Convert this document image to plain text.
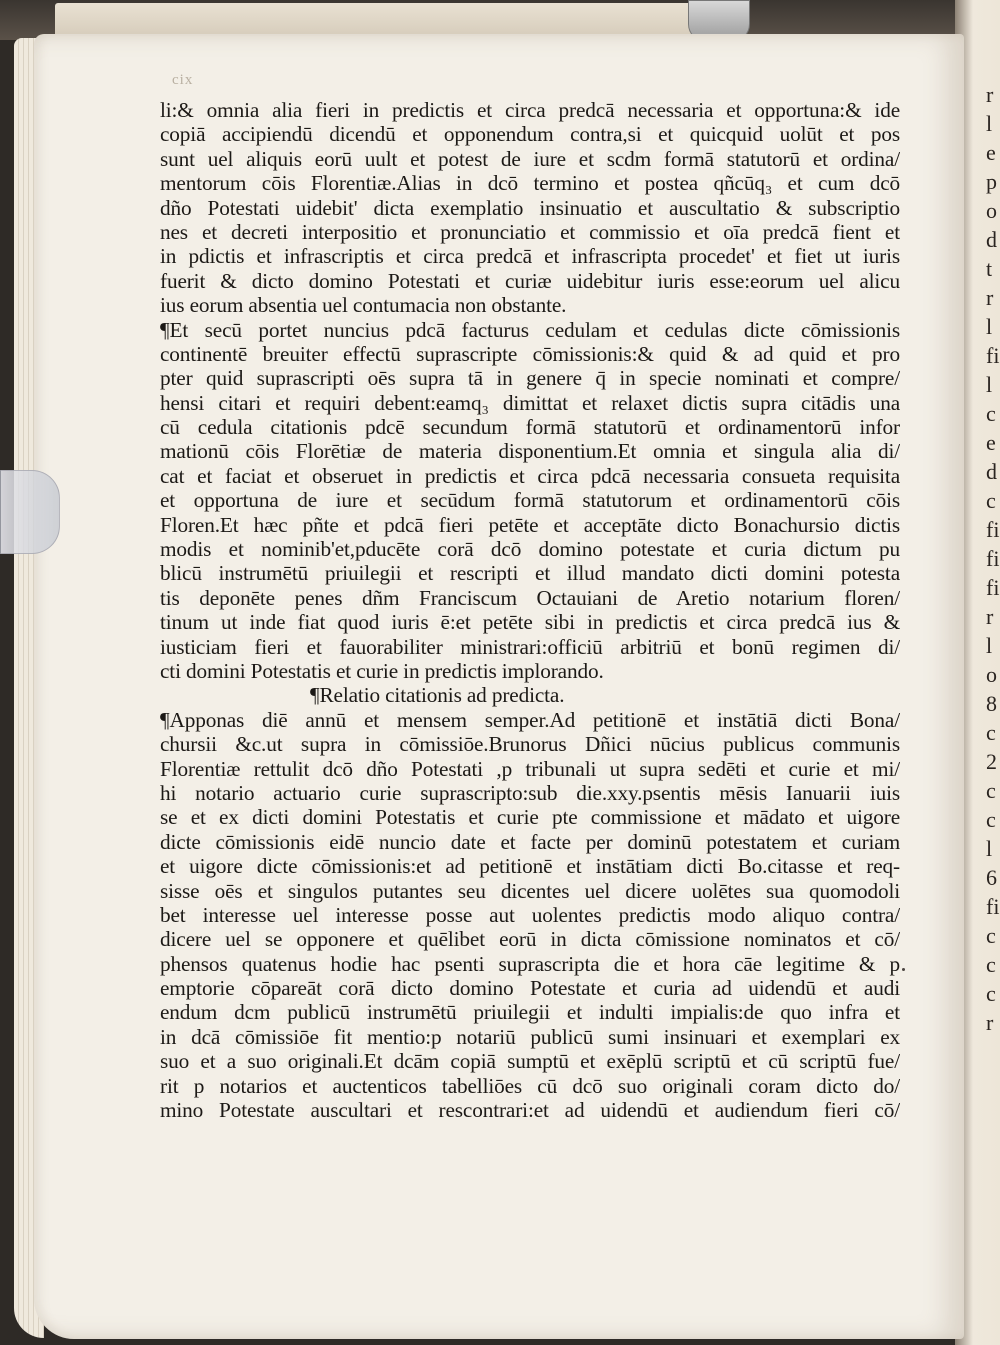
r
l
e
p
o
d
t
r
l
fi
l
c
e
d
c
fi
fi
fi
r
l
o
8
c
2
c
c
l
6
fi
c
c
c
r
cix
li:& omnia alia fieri in predictis et circa predcā necessaria et opportuna:& ide
copiā accipiendū dicendū et opponendum contra,si et quicquid uolūt et pos
sunt uel aliquis eorū uult et potest de iure et scdm formā statutorū et ordina/
mentorum cōis Florentiæ.Alias in dcō termino et postea qñcūq₃ et cum dcō
dño Potestati uidebit' dicta exemplatio insinuatio et auscultatio & subscriptio
nes et decreti interpositio et pronunciatio et commissio et oīa predcā fient et
in pdictis et infrascriptis et circa predcā et infrascripta procedet' et fiet ut iuris
fuerit & dicto domino Potestati et curiæ uidebitur iuris esse:eorum uel alicu
ius eorum absentia uel contumacia non obstante.
¶Et secū portet nuncius pdcā facturus cedulam et cedulas dicte cōmissionis
continentē breuiter effectū suprascripte cōmissionis:& quid & ad quid et pro
pter quid suprascripti oēs supra tā in genere q̄ in specie nominati et compre/
hensi citari et requiri debent:eamq₃ dimittat et relaxet dictis supra citādis una
cū cedula citationis pdcē secundum formā statutorū et ordinamentorū infor
mationū cōis Florētiæ de materia disponentium.Et omnia et singula alia di/
cat et faciat et obseruet in predictis et circa pdcā necessaria consueta requisita
et opportuna de iure et secūdum formā statutorum et ordinamentorū cōis
Floren.Et hæc pñte et pdcā fieri petēte et acceptāte dicto Bonachursio dictis
modis et nominib'et,pducēte corā dcō domino potestate et curia dictum pu
blicū instrumētū priuilegii et rescripti et illud mandato dicti domini potesta
tis deponēte penes dñm Franciscum Octauiani de Aretio notarium floren/
tinum ut inde fiat quod iuris ē:et petēte sibi in predictis et circa predcā ius &
iusticiam fieri et fauorabiliter ministrari:officiū arbitriū et bonū regimen di/
cti domini Potestatis et curie in predictis implorando.
¶Relatio citationis ad predicta.
¶Apponas diē annū et mensem semper.Ad petitionē et instātiā dicti Bona/
chursii &c.ut supra in cōmissiōe.Brunorus Dñici nūcius publicus communis
Florentiæ rettulit dcō dño Potestati ,p tribunali ut supra sedēti et curie et mi/
hi notario actuario curie suprascripto:sub die.xxy.psentis mēsis Ianuarii iuis
se et ex dicti domini Potestatis et curie pte commissione et mādato et uigore
dicte cōmissionis eidē nuncio date et facte per dominū potestatem et curiam
et uigore dicte cōmissionis:et ad petitionē et instātiam dicti Bo.citasse et req-
sisse oēs et singulos putantes seu dicentes uel dicere uolētes sua quomodoli
bet interesse uel interesse posse aut uolentes predictis modo aliquo contra/
dicere uel se opponere et quēlibet eorū in dicta cōmissione nominatos et cō/
phensos quatenus hodie hac psenti suprascripta die et hora cāe legitime & p
emptorie cōpareāt corā dicto domino Potestate et curia ad uidendū et audi
endum dcm publicū instrumētū priuilegii et indulti impialis:de quo infra et
in dcā cōmissiōe fit mentio:p notariū publicū sumi insinuari et exemplari ex
suo et a suo originali.Et dcām copiā sumptū et exēplū scriptū et cū scriptū fue/
rit p notarios et auctenticos tabelliōes cū dcō suo originali coram dicto do/
mino Potestate auscultari et rescontrari:et ad uidendū et audiendum fieri cō/
